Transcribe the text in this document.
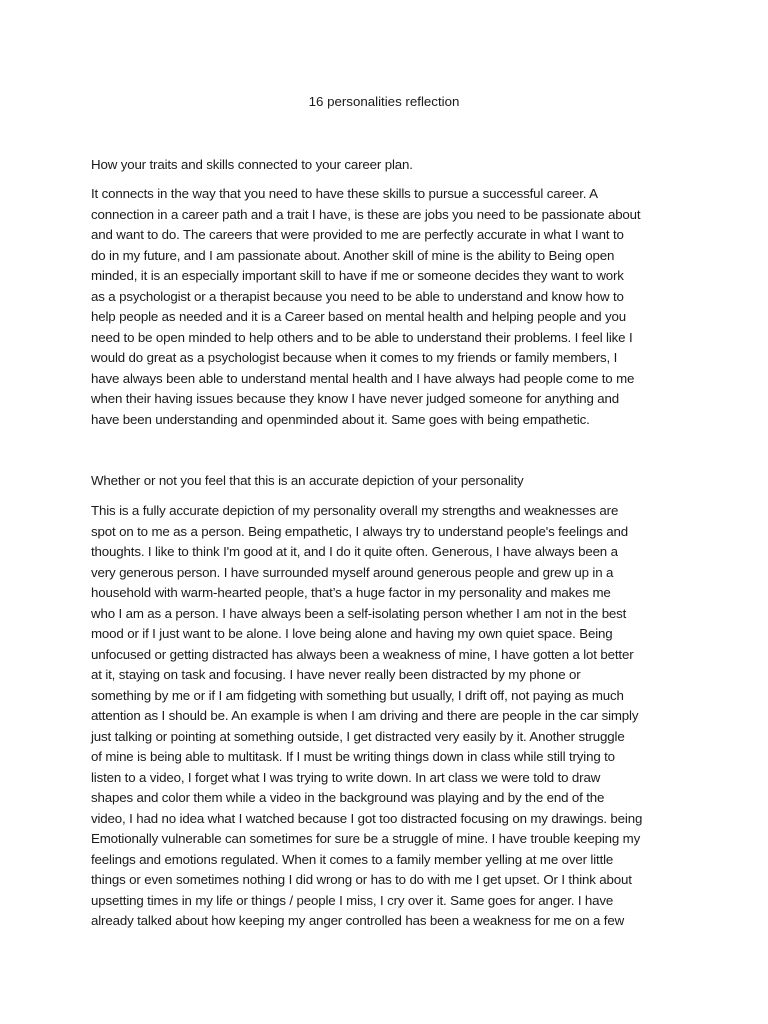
16 personalities reflection
How your traits and skills connected to your career plan.
It connects in the way that you need to have these skills to pursue a successful career. A
connection in a career path and a trait I have, is these are jobs you need to be passionate about
and want to do. The careers that were provided to me are perfectly accurate in what I want to
do in my future, and I am passionate about. Another skill of mine is the ability to Being open
minded, it is an especially important skill to have if me or someone decides they want to work
as a psychologist or a therapist because you need to be able to understand and know how to
help people as needed and it is a Career based on mental health and helping people and you
need to be open minded to help others and to be able to understand their problems. I feel like I
would do great as a psychologist because when it comes to my friends or family members, I
have always been able to understand mental health and I have always had people come to me
when their having issues because they know I have never judged someone for anything and
have been understanding and openminded about it. Same goes with being empathetic.
Whether or not you feel that this is an accurate depiction of your personality
This is a fully accurate depiction of my personality overall my strengths and weaknesses are
spot on to me as a person. Being empathetic, I always try to understand people's feelings and
thoughts. I like to think I'm good at it, and I do it quite often. Generous, I have always been a
very generous person. I have surrounded myself around generous people and grew up in a
household with warm-hearted people, that’s a huge factor in my personality and makes me
who I am as a person. I have always been a self-isolating person whether I am not in the best
mood or if I just want to be alone. I love being alone and having my own quiet space. Being
unfocused or getting distracted has always been a weakness of mine, I have gotten a lot better
at it, staying on task and focusing. I have never really been distracted by my phone or
something by me or if I am fidgeting with something but usually, I drift off, not paying as much
attention as I should be. An example is when I am driving and there are people in the car simply
just talking or pointing at something outside, I get distracted very easily by it. Another struggle
of mine is being able to multitask. If I must be writing things down in class while still trying to
listen to a video, I forget what I was trying to write down. In art class we were told to draw
shapes and color them while a video in the background was playing and by the end of the
video, I had no idea what I watched because I got too distracted focusing on my drawings. being
Emotionally vulnerable can sometimes for sure be a struggle of mine. I have trouble keeping my
feelings and emotions regulated. When it comes to a family member yelling at me over little
things or even sometimes nothing I did wrong or has to do with me I get upset. Or I think about
upsetting times in my life or things / people I miss, I cry over it. Same goes for anger. I have
already talked about how keeping my anger controlled has been a weakness for me on a few
